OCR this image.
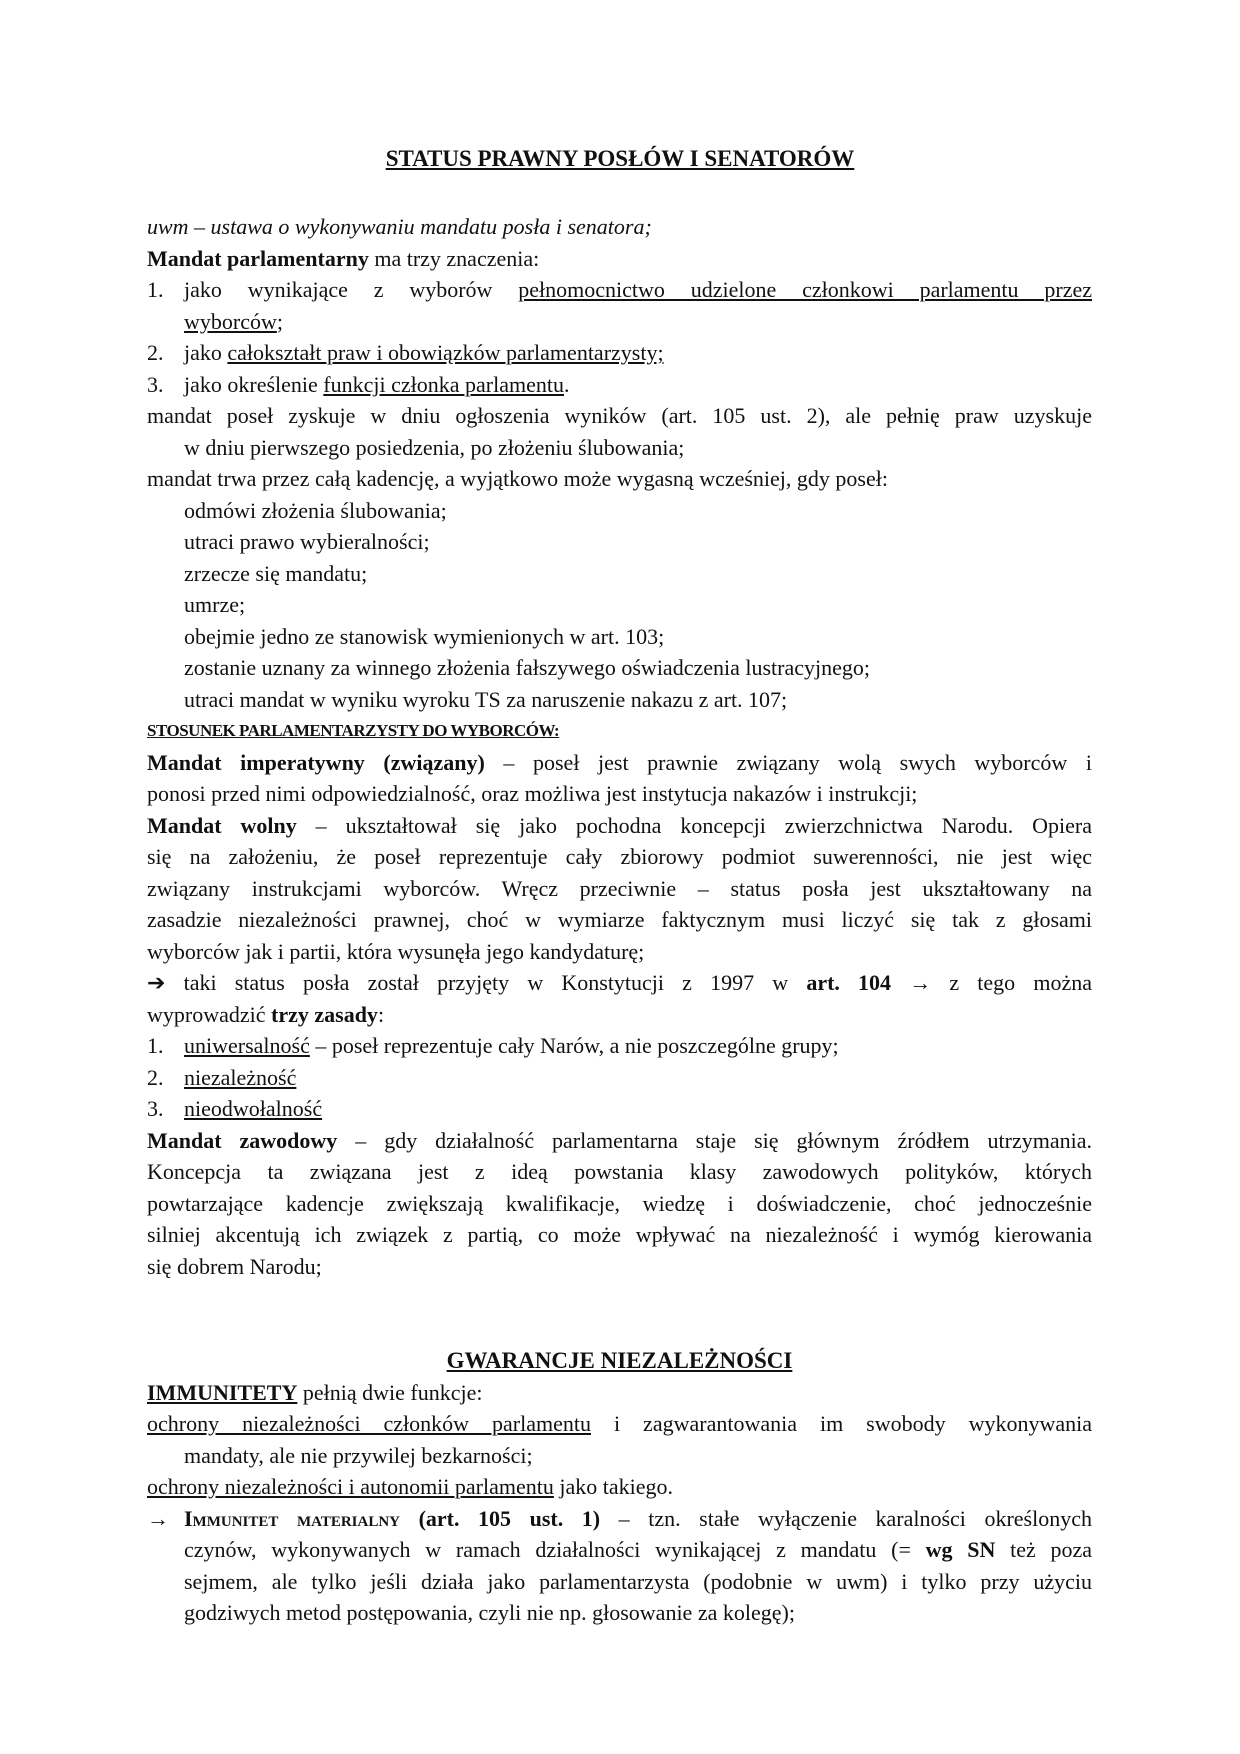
STATUS PRAWNY POSŁÓW I SENATORÓW
uwm – ustawa o wykonywaniu mandatu posła i senatora;
Mandat parlamentarny ma trzy znaczenia:
1. jako wynikające z wyborów pełnomocnictwo udzielone członkowi parlamentu przez
wyborców;
2. jako całokształt praw i obowiązków parlamentarzysty;
3. jako określenie funkcji członka parlamentu.
mandat poseł zyskuje w dniu ogłoszenia wyników (art. 105 ust. 2), ale pełnię praw uzyskuje
w dniu pierwszego posiedzenia, po złożeniu ślubowania;
mandat trwa przez całą kadencję, a wyjątkowo może wygasną wcześniej, gdy poseł:
odmówi złożenia ślubowania;
utraci prawo wybieralności;
zrzecze się mandatu;
umrze;
obejmie jedno ze stanowisk wymienionych w art. 103;
zostanie uznany za winnego złożenia fałszywego oświadczenia lustracyjnego;
utraci mandat w wyniku wyroku TS za naruszenie nakazu z art. 107;
STOSUNEK PARLAMENTARZYSTY DO WYBORCÓW:
Mandat imperatywny (związany) – poseł jest prawnie związany wolą swych wyborców i
ponosi przed nimi odpowiedzialność, oraz możliwa jest instytucja nakazów i instrukcji;
Mandat wolny – ukształtował się jako pochodna koncepcji zwierzchnictwa Narodu. Opiera
się na założeniu, że poseł reprezentuje cały zbiorowy podmiot suwerenności, nie jest więc
związany instrukcjami wyborców. Wręcz przeciwnie – status posła jest ukształtowany na
zasadzie niezależności prawnej, choć w wymiarze faktycznym musi liczyć się tak z głosami
wyborców jak i partii, która wysunęła jego kandydaturę;
➔ taki status posła został przyjęty w Konstytucji z 1997 w art. 104 → z tego można
wyprowadzić trzy zasady:
1. uniwersalność – poseł reprezentuje cały Narów, a nie poszczególne grupy;
2. niezależność
3. nieodwołalność
Mandat zawodowy – gdy działalność parlamentarna staje się głównym źródłem utrzymania.
Koncepcja ta związana jest z ideą powstania klasy zawodowych polityków, których
powtarzające kadencje zwiększają kwalifikacje, wiedzę i doświadczenie, choć jednocześnie
silniej akcentują ich związek z partią, co może wpływać na niezależność i wymóg kierowania
się dobrem Narodu;
GWARANCJE NIEZALEŻNOŚCI
IMMUNITETY pełnią dwie funkcje:
ochrony niezależności członków parlamentu i zagwarantowania im swobody wykonywania
mandaty, ale nie przywilej bezkarności;
ochrony niezależności i autonomii parlamentu jako takiego.
→ Immunitet materialny (art. 105 ust. 1) – tzn. stałe wyłączenie karalności określonych
czynów, wykonywanych w ramach działalności wynikającej z mandatu (= wg SN też poza
sejmem, ale tylko jeśli działa jako parlamentarzysta (podobnie w uwm) i tylko przy użyciu
godziwych metod postępowania, czyli nie np. głosowanie za kolegę);
